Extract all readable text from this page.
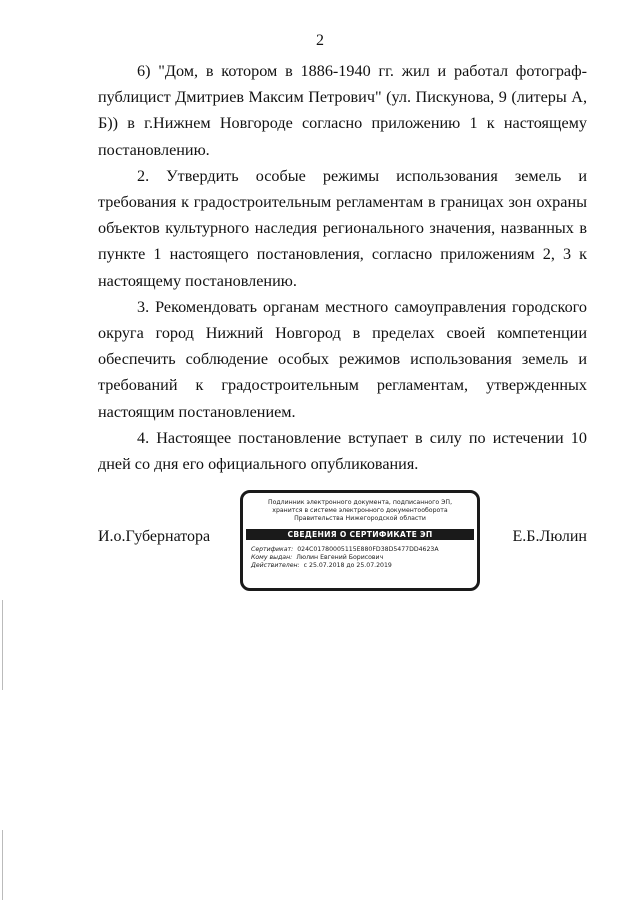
2

6) "Дом, в котором в 1886-1940 гг. жил и работал фотограф-публицист Дмитриев Максим Петрович" (ул. Пискунова, 9 (литеры А, Б)) в г.Нижнем Новгороде согласно приложению 1 к настоящему постановлению.

2. Утвердить особые режимы использования земель и требования к градостроительным регламентам в границах зон охраны объектов культурного наследия регионального значения, названных в пункте 1 настоящего постановления, согласно приложениям 2, 3 к настоящему постановлению.

3. Рекомендовать органам местного самоуправления городского округа город Нижний Новгород в пределах своей компетенции обеспечить соблюдение особых режимов использования земель и требований к градостроительным регламентам, утвержденных настоящим постановлением.

4. Настоящее постановление вступает в силу по истечении 10 дней со дня его официального опубликования.

И.о.Губернатора
Подлинник электронного документа, подписанного ЭП, хранится в системе электронного документооборота Правительства Нижегородской области
СВЕДЕНИЯ О СЕРТИФИКАТЕ ЭП
Сертификат: 024C01780005115E880FD38D5477DD4623A
Кому выдан: Люлин Евгений Борисович
Действителен: с 25.07.2018 до 25.07.2019
Е.Б.Люлин
